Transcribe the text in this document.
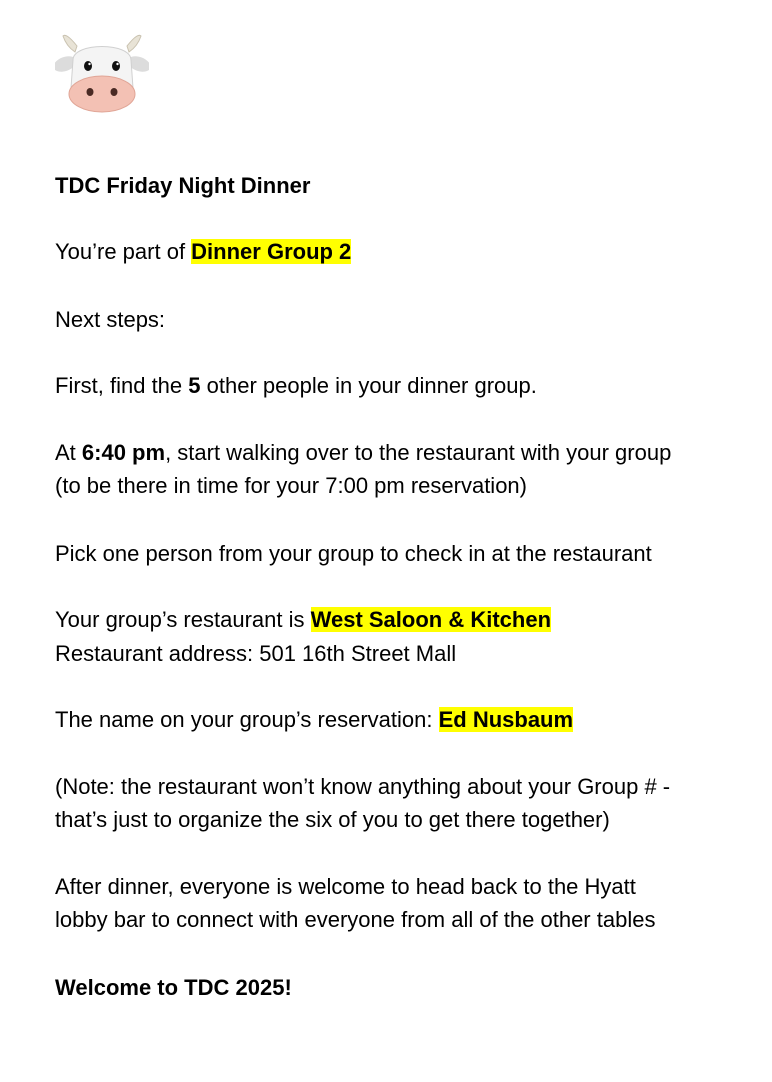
TDC Friday Night Dinner
You’re part of Dinner Group 2
Next steps:
First, find the 5 other people in your dinner group.
At 6:40 pm, start walking over to the restaurant with your group
(to be there in time for your 7:00 pm reservation)
Pick one person from your group to check in at the restaurant
Your group’s restaurant is West Saloon & Kitchen
Restaurant address: 501 16th Street Mall
The name on your group’s reservation: Ed Nusbaum
(Note: the restaurant won’t know anything about your Group # -
that’s just to organize the six of you to get there together)
After dinner, everyone is welcome to head back to the Hyatt
lobby bar to connect with everyone from all of the other tables
Welcome to TDC 2025!
